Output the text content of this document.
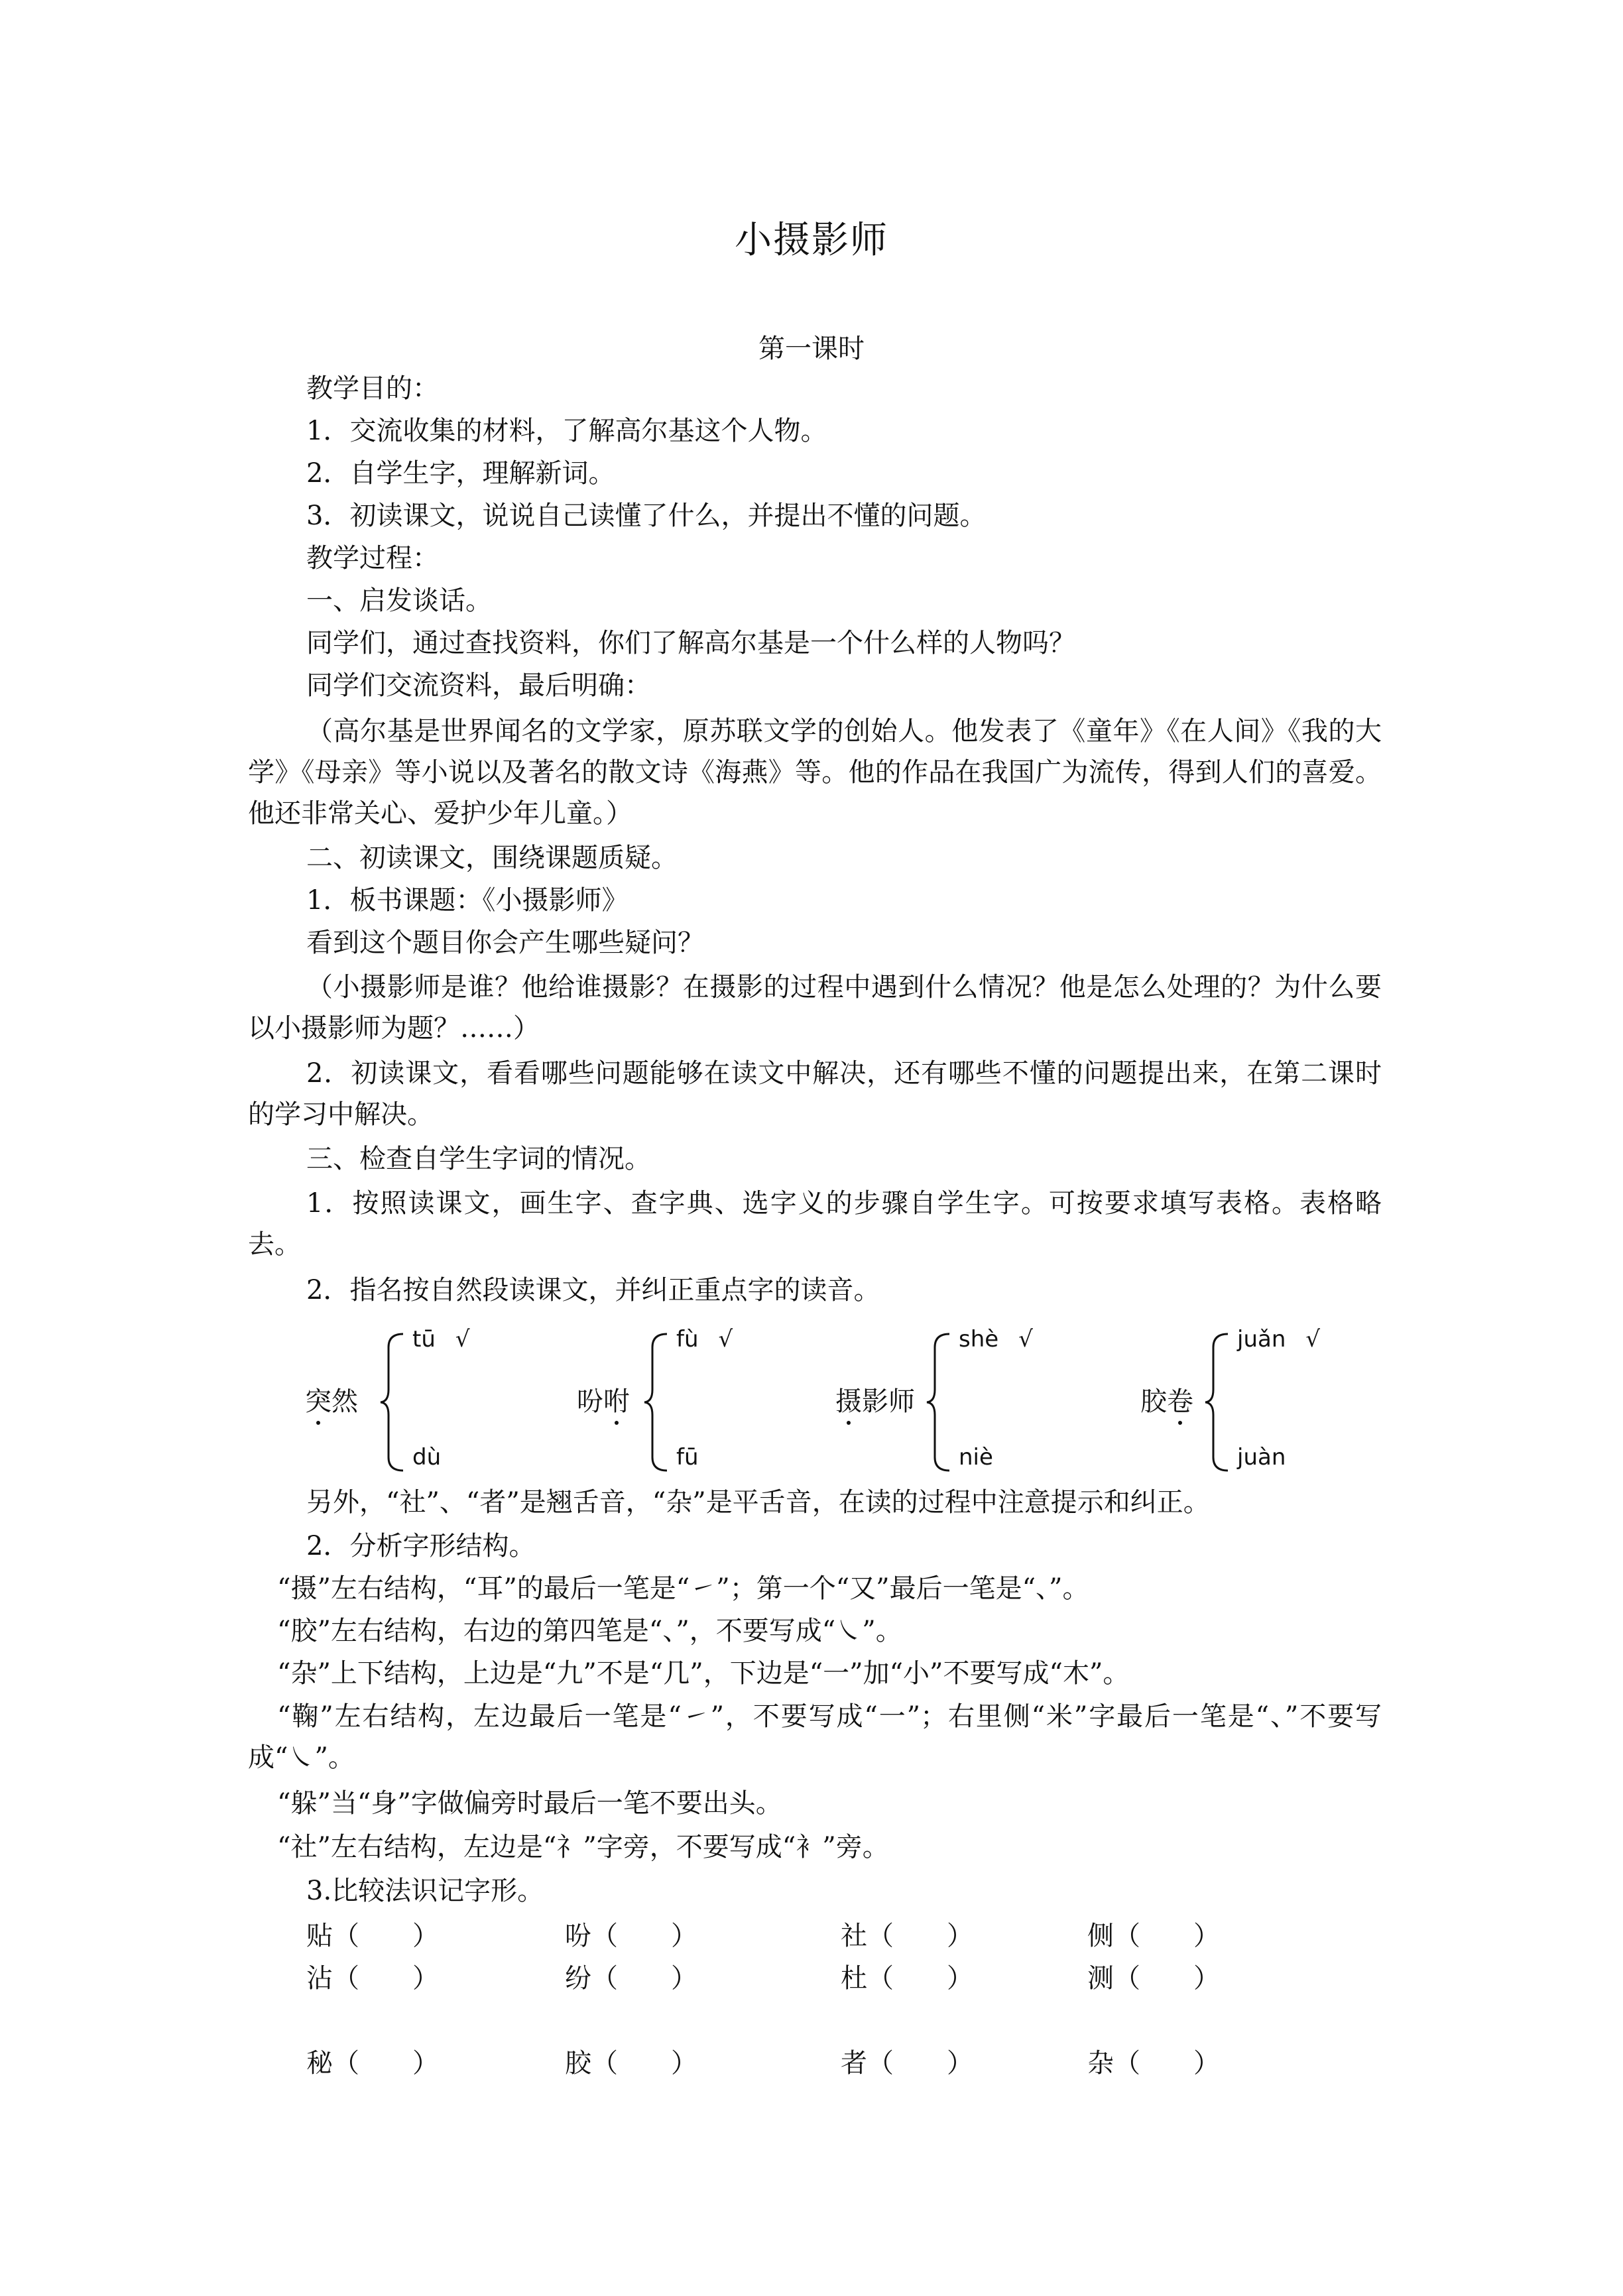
小摄影师
第一课时
教学目的：
1．交流收集的材料，了解高尔基这个人物。
2．自学生字，理解新词。
3．初读课文，说说自己读懂了什么，并提出不懂的问题。
教学过程：
一、启发谈话。
同学们，通过查找资料，你们了解高尔基是一个什么样的人物吗？
同学们交流资料，最后明确：
（高尔基是世界闻名的文学家，原苏联文学的创始人。他发表了《童年》《在人间》《我的大学》《母亲》等小说以及著名的散文诗《海燕》等。他的作品在我国广为流传，得到人们的喜爱。他还非常关心、爱护少年儿童。）
二、初读课文，围绕课题质疑。
1．板书课题：《小摄影师》
看到这个题目你会产生哪些疑问？
（小摄影师是谁？他给谁摄影？在摄影的过程中遇到什么情况？他是怎么处理的？为什么要以小摄影师为题？……）
2．初读课文，看看哪些问题能够在读文中解决，还有哪些不懂的问题提出来，在第二课时的学习中解决。
三、检查自学生字词的情况。
1．按照读课文，画生字、查字典、选字义的步骤自学生字。可按要求填写表格。表格略去。
2．指名按自然段读课文，并纠正重点字的读音。
突然
tū √
dù
吩咐
fù √
fū
摄影师
shè √
niè
胶卷
juǎn √
juàn
另外，“社”、“者”是翘舌音，“杂”是平舌音，在读的过程中注意提示和纠正。
2．分析字形结构。
“摄”左右结构，“耳”的最后一笔是“㇀”；第一个“又”最后一笔是“、”。
“胶”左右结构，右边的第四笔是“、”，不要写成“㇏”。
“杂”上下结构，上边是“九”不是“几”，下边是“一”加“小”不要写成“木”。
“鞠”左右结构，左边最后一笔是“㇀”，不要写成“一”；右里侧“米”字最后一笔是“、”不要写成“㇏”。
“躲”当“身”字做偏旁时最后一笔不要出头。
“社”左右结构，左边是“礻”字旁，不要写成“衤”旁。
3.比较法识记字形。
贴（　　）	吩（　　）	社（　　）	侧（　　）
沾（　　）	纷（　　）	杜（　　）	测（　　）
秘（　　）	胶（　　）	者（　　）	杂（　　）
